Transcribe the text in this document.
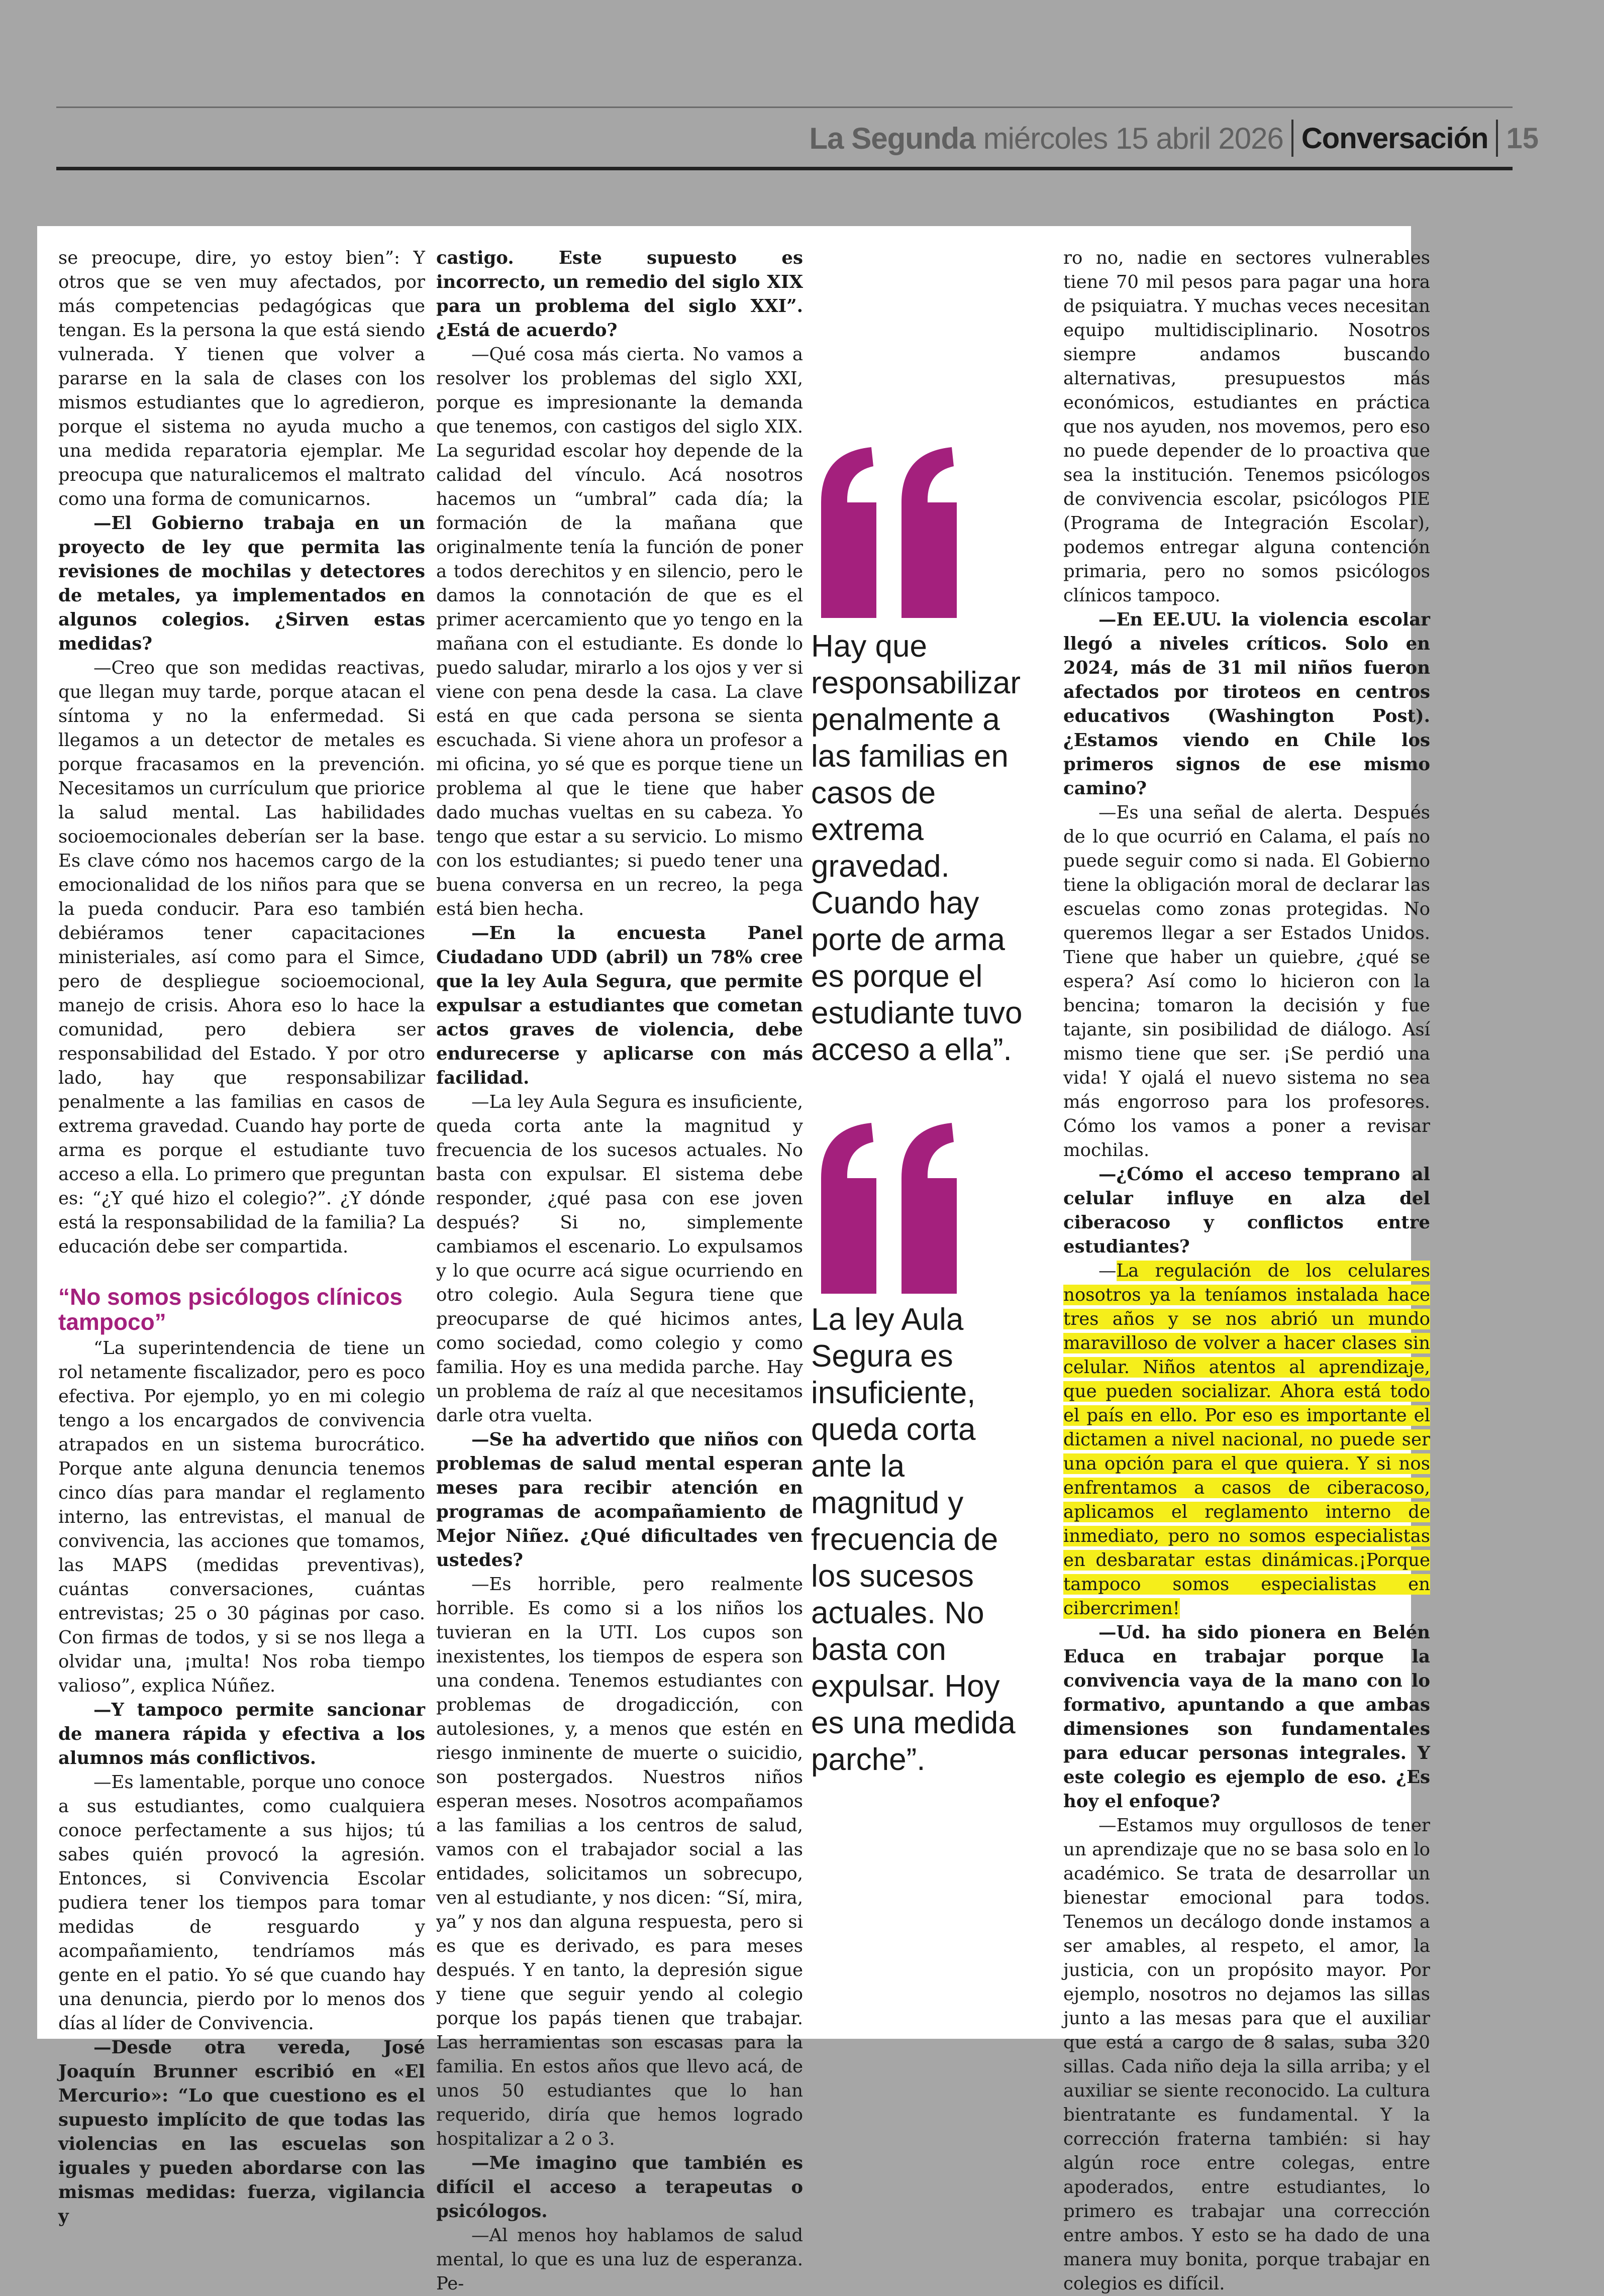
La Segunda miércoles 15 abril 2026 Conversación 15

se preocupe, dire, yo estoy bien”: Y otros que se ven muy afectados, por más competencias pedagógicas que tengan. Es la persona la que está siendo vulnerada. Y tienen que volver a pararse en la sala de clases con los mismos estudiantes que lo agredieron, porque el sistema no ayuda mucho a una medida reparatoria ejemplar. Me preocupa que naturalicemos el maltrato como una forma de comunicarnos.

—El Gobierno trabaja en un proyecto de ley que permita las revisiones de mochilas y detectores de metales, ya implementados en algunos colegios. ¿Sirven estas medidas?

—Creo que son medidas reactivas, que llegan muy tarde, porque atacan el síntoma y no la enfermedad. Si llegamos a un detector de metales es porque fracasamos en la prevención. Necesitamos un currículum que priorice la salud mental. Las habilidades socioemocionales deberían ser la base. Es clave cómo nos hacemos cargo de la emocionalidad de los niños para que se la pueda conducir. Para eso también debiéramos tener capacitaciones ministeriales, así como para el Simce, pero de despliegue socioemocional, manejo de crisis. Ahora eso lo hace la comunidad, pero debiera ser responsabilidad del Estado. Y por otro lado, hay que responsabilizar penalmente a las familias en casos de extrema gravedad. Cuando hay porte de arma es porque el estudiante tuvo acceso a ella. Lo primero que preguntan es: “¿Y qué hizo el colegio?”. ¿Y dónde está la responsabilidad de la familia? La educación debe ser compartida.

“No somos psicólogos clínicos tampoco”

“La superintendencia de tiene un rol netamente fiscalizador, pero es poco efectiva. Por ejemplo, yo en mi colegio tengo a los encargados de convivencia atrapados en un sistema burocrático. Porque ante alguna denuncia tenemos cinco días para mandar el reglamento interno, las entrevistas, el manual de convivencia, las acciones que tomamos, las MAPS (medidas preventivas), cuántas conversaciones, cuántas entrevistas; 25 o 30 páginas por caso. Con firmas de todos, y si se nos llega a olvidar una, ¡multa! Nos roba tiempo valioso”, explica Núñez.

—Y tampoco permite sancionar de manera rápida y efectiva a los alumnos más conflictivos.

—Es lamentable, porque uno conoce a sus estudiantes, como cualquiera conoce perfectamente a sus hijos; tú sabes quién provocó la agresión. Entonces, si Convivencia Escolar pudiera tener los tiempos para tomar medidas de resguardo y acompañamiento, tendríamos más gente en el patio. Yo sé que cuando hay una denuncia, pierdo por lo menos dos días al líder de Convivencia.

—Desde otra vereda, José Joaquín Brunner escribió en «El Mercurio»: “Lo que cuestiono es el supuesto implícito de que todas las violencias en las escuelas son iguales y pueden abordarse con las mismas medidas: fuerza, vigilancia y

castigo. Este supuesto es incorrecto, un remedio del siglo XIX para un problema del siglo XXI”. ¿Está de acuerdo?

—Qué cosa más cierta. No vamos a resolver los problemas del siglo XXI, porque es impresionante la demanda que tenemos, con castigos del siglo XIX. La seguridad escolar hoy depende de la calidad del vínculo. Acá nosotros hacemos un “umbral” cada día; la formación de la mañana que originalmente tenía la función de poner a todos derechitos y en silencio, pero le damos la connotación de que es el primer acercamiento que yo tengo en la mañana con el estudiante. Es donde lo puedo saludar, mirarlo a los ojos y ver si viene con pena desde la casa. La clave está en que cada persona se sienta escuchada. Si viene ahora un profesor a mi oficina, yo sé que es porque tiene un problema al que le tiene que haber dado muchas vueltas en su cabeza. Yo tengo que estar a su servicio. Lo mismo con los estudiantes; si puedo tener una buena conversa en un recreo, la pega está bien hecha.

—En la encuesta Panel Ciudadano UDD (abril) un 78% cree que la ley Aula Segura, que permite expulsar a estudiantes que cometan actos graves de violencia, debe endurecerse y aplicarse con más facilidad.

—La ley Aula Segura es insuficiente, queda corta ante la magnitud y frecuencia de los sucesos actuales. No basta con expulsar. El sistema debe responder, ¿qué pasa con ese joven después? Si no, simplemente cambiamos el escenario. Lo expulsamos y lo que ocurre acá sigue ocurriendo en otro colegio. Aula Segura tiene que preocuparse de qué hicimos antes, como sociedad, como colegio y como familia. Hoy es una medida parche. Hay un problema de raíz al que necesitamos darle otra vuelta.

—Se ha advertido que niños con problemas de salud mental esperan meses para recibir atención en programas de acompañamiento de Mejor Niñez. ¿Qué dificultades ven ustedes?

—Es horrible, pero realmente horrible. Es como si a los niños los tuvieran en la UTI. Los cupos son inexistentes, los tiempos de espera son una condena. Tenemos estudiantes con problemas de drogadicción, con autolesiones, y, a menos que estén en riesgo inminente de muerte o suicidio, son postergados. Nuestros niños esperan meses. Nosotros acompañamos a las familias a los centros de salud, vamos con el trabajador social a las entidades, solicitamos un sobrecupo, ven al estudiante, y nos dicen: “Sí, mira, ya” y nos dan alguna respuesta, pero si es que es derivado, es para meses después. Y en tanto, la depresión sigue y tiene que seguir yendo al colegio porque los papás tienen que trabajar. Las herramientas son escasas para la familia. En estos años que llevo acá, de unos 50 estudiantes que lo han requerido, diría que hemos logrado hospitalizar a 2 o 3.

—Me imagino que también es difícil el acceso a terapeutas o psicólogos.

—Al menos hoy hablamos de salud mental, lo que es una luz de esperanza. Pe-

Hay que responsabilizar penalmente a las familias en casos de extrema gravedad. Cuando hay porte de arma es porque el estudiante tuvo acceso a ella”.
La ley Aula Segura es insuficiente, queda corta ante la magnitud y frecuencia de los sucesos actuales. No basta con expulsar. Hoy es una medida parche”.

ro no, nadie en sectores vulnerables tiene 70 mil pesos para pagar una hora de psiquiatra. Y muchas veces necesitan equipo multidisciplinario. Nosotros siempre andamos buscando alternativas, presupuestos más económicos, estudiantes en práctica que nos ayuden, nos movemos, pero eso no puede depender de lo proactiva que sea la institución. Tenemos psicólogos de convivencia escolar, psicólogos PIE (Programa de Integración Escolar), podemos entregar alguna contención primaria, pero no somos psicólogos clínicos tampoco.

—En EE.UU. la violencia escolar llegó a niveles críticos. Solo en 2024, más de 31 mil niños fueron afectados por tiroteos en centros educativos (Washington Post). ¿Estamos viendo en Chile los primeros signos de ese mismo camino?

—Es una señal de alerta. Después de lo que ocurrió en Calama, el país no puede seguir como si nada. El Gobierno tiene la obligación moral de declarar las escuelas como zonas protegidas. No queremos llegar a ser Estados Unidos. Tiene que haber un quiebre, ¿qué se espera? Así como lo hicieron con la bencina; tomaron la decisión y fue tajante, sin posibilidad de diálogo. Así mismo tiene que ser. ¡Se perdió una vida! Y ojalá el nuevo sistema no sea más engorroso para los profesores. Cómo los vamos a poner a revisar mochilas.

—¿Cómo el acceso temprano al celular influye en alza del ciberacoso y conflictos entre estudiantes?

—La regulación de los celulares nosotros ya la teníamos instalada hace tres años y se nos abrió un mundo maravilloso de volver a hacer clases sin celular. Niños atentos al aprendizaje, que pueden socializar. Ahora está todo el país en ello. Por eso es importante el dictamen a nivel nacional, no puede ser una opción para el que quiera. Y si nos enfrentamos a casos de ciberacoso, aplicamos el reglamento interno de inmediato, pero no somos especialistas en desbaratar estas dinámicas.¡Porque tampoco somos especialistas en cibercrimen!

—Ud. ha sido pionera en Belén Educa en trabajar porque la convivencia vaya de la mano con lo formativo, apuntando a que ambas dimensiones son fundamentales para educar personas integrales. Y este colegio es ejemplo de eso. ¿Es hoy el enfoque?

—Estamos muy orgullosos de tener un aprendizaje que no se basa solo en lo académico. Se trata de desarrollar un bienestar emocional para todos. Tenemos un decálogo donde instamos a ser amables, al respeto, el amor, la justicia, con un propósito mayor. Por ejemplo, nosotros no dejamos las sillas junto a las mesas para que el auxiliar que está a cargo de 8 salas, suba 320 sillas. Cada niño deja la silla arriba; y el auxiliar se siente reconocido. La cultura bientratante es fundamental. Y la corrección fraterna también: si hay algún roce entre colegas, entre apoderados, entre estudiantes, lo primero es trabajar una corrección entre ambos. Y esto se ha dado de una manera muy bonita, porque trabajar en colegios es difícil.
